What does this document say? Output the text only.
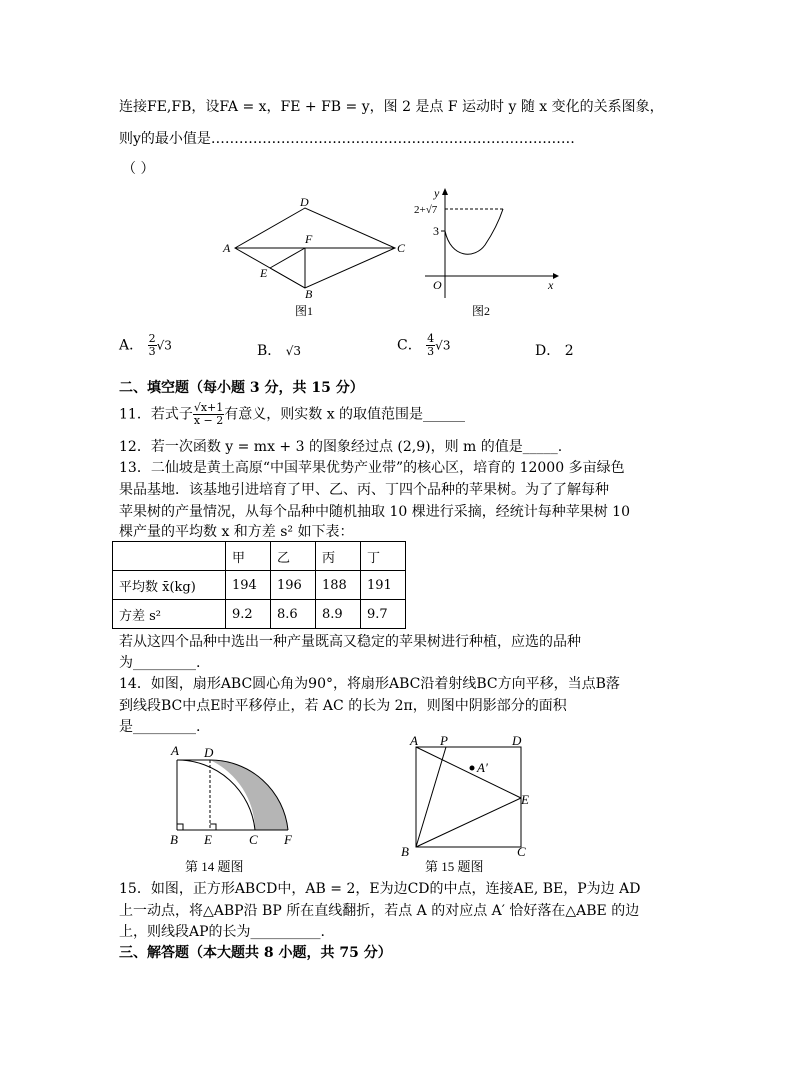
连接FE,FB，设FA = x，FE + FB = y，图 2 是点 F 运动时 y 随 x 变化的关系图象，
则y的最小值是……………………………………………………………………
（ ）
A
D
C
F
E
B
图1
y
x
O
2+√7
3
图2
A． $\frac{2}{3} √3$	B． √3	C． $\frac{4}{3} √3$	D． 2
二、填空题（每小题 3 分，共 15 分）
11．若式子 $\frac{√x+1}{x - 2}$ 有意义，则实数 x 的取值范围是______
12．若一次函数 y = mx + 3 的图象经过点 (2,9)，则 m 的值是_____.
13．二仙坡是黄土高原“中国苹果优势产业带”的核心区，培育的 12000 多亩绿色
果品基地．该基地引进培育了甲、乙、丙、丁四个品种的苹果树。为了了解每种
苹果树的产量情况，从每个品种中随机抽取 10 棵进行采摘，经统计每种苹果树 10
棵产量的平均数 x 和方差 s² 如下表：
	甲	乙	丙	丁
平均数 x̄(kg)	194	196	188	191
方差 s²	9.2	8.6	8.9	9.7
若从这四个品种中选出一种产量既高又稳定的苹果树进行种植，应选的品种
为_________.
14．如图，扇形ABC圆心角为90°，将扇形ABC沿着射线BC方向平移，当点B落
到线段BC中点E时平移停止，若 AC 的长为 2π，则图中阴影部分的面积
是_________.
A D
B E	C F
第 14 题图
A P	D
A′
E
B	C
第 15 题图
15．如图，正方形ABCD中，AB = 2，E为边CD的中点，连接AE, BE，P为边 AD
上一动点，将△ABP沿 BP 所在直线翻折，若点 A 的对应点 A′ 恰好落在△ABE 的边
上，则线段AP的长为__________.
三、解答题（本大题共 8 小题，共 75 分）
